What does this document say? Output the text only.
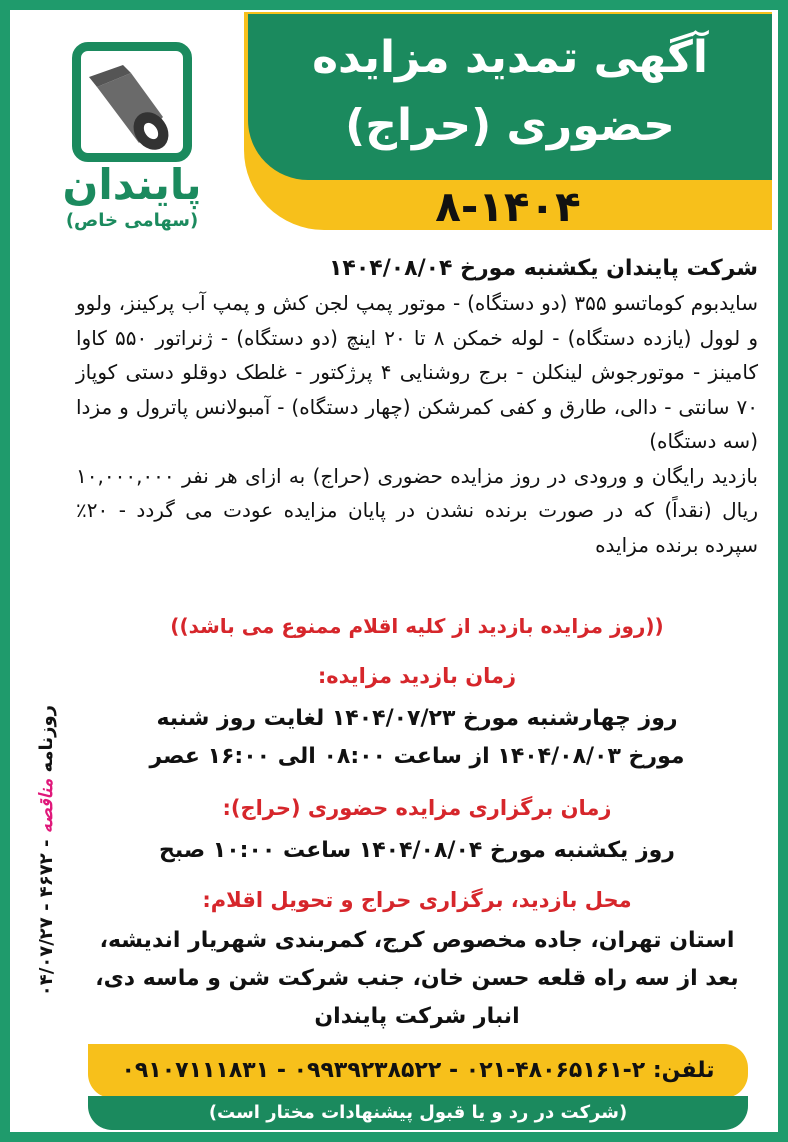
آگهی تمدید مزایده
حضوری (حراج)
۸-۱۴۰۴
پایندان
(سهامی خاص)
شرکت پایندان یکشنبه مورخ ۱۴۰۴/۰۸/۰۴
سایدبوم کوماتسو ۳۵۵ (دو دستگاه) - موتور پمپ لجن کش و پمپ آب پرکینز، ولوو و لوول (یازده دستگاه) - لوله خمکن ۸ تا ۲۰ اینچ (دو دستگاه) - ژنراتور ۵۵۰ کاوا کامینز - موتورجوش لینکلن - برج روشنایی ۴ پرژکتور - غلطک دوقلو دستی کوپاز ۷۰ سانتی - دالی، طارق و کفی کمرشکن (چهار دستگاه) - آمبولانس پاترول و مزدا (سه دستگاه)
بازدید رایگان و ورودی در روز مزایده حضوری (حراج) به ازای هر نفر ۱۰,۰۰۰,۰۰۰ ریال (نقداً) که در صورت برنده نشدن در پایان مزایده عودت می گردد - ۲۰٪ سپرده برنده مزایده
((روز مزایده بازدید از کلیه اقلام ممنوع می باشد))
زمان بازدید مزایده:
روز چهارشنبه مورخ ۱۴۰۴/۰۷/۲۳ لغایت روز شنبه
مورخ ۱۴۰۴/۰۸/۰۳ از ساعت ۰۸:۰۰ الی ۱۶:۰۰ عصر
زمان برگزاری مزایده حضوری (حراج):
روز یکشنبه مورخ ۱۴۰۴/۰۸/۰۴ ساعت ۱۰:۰۰ صبح
محل بازدید، برگزاری حراج و تحویل اقلام:
استان تهران، جاده مخصوص کرج، کمربندی شهریار اندیشه،
بعد از سه راه قلعه حسن خان، جنب شرکت شن و ماسه دی،
انبار شرکت پایندان
روزنامه مناقصه - ۴۶۷۲ - ۰۴/۰۷/۲۷
تلفن: ۲-۴۸۰۶۵۱۶۱-۰۲۱ - ۰۹۹۳۹۲۳۸۵۲۲ - ۰۹۱۰۷۱۱۱۸۳۱
(شرکت در رد و یا قبول پیشنهادات مختار است)
